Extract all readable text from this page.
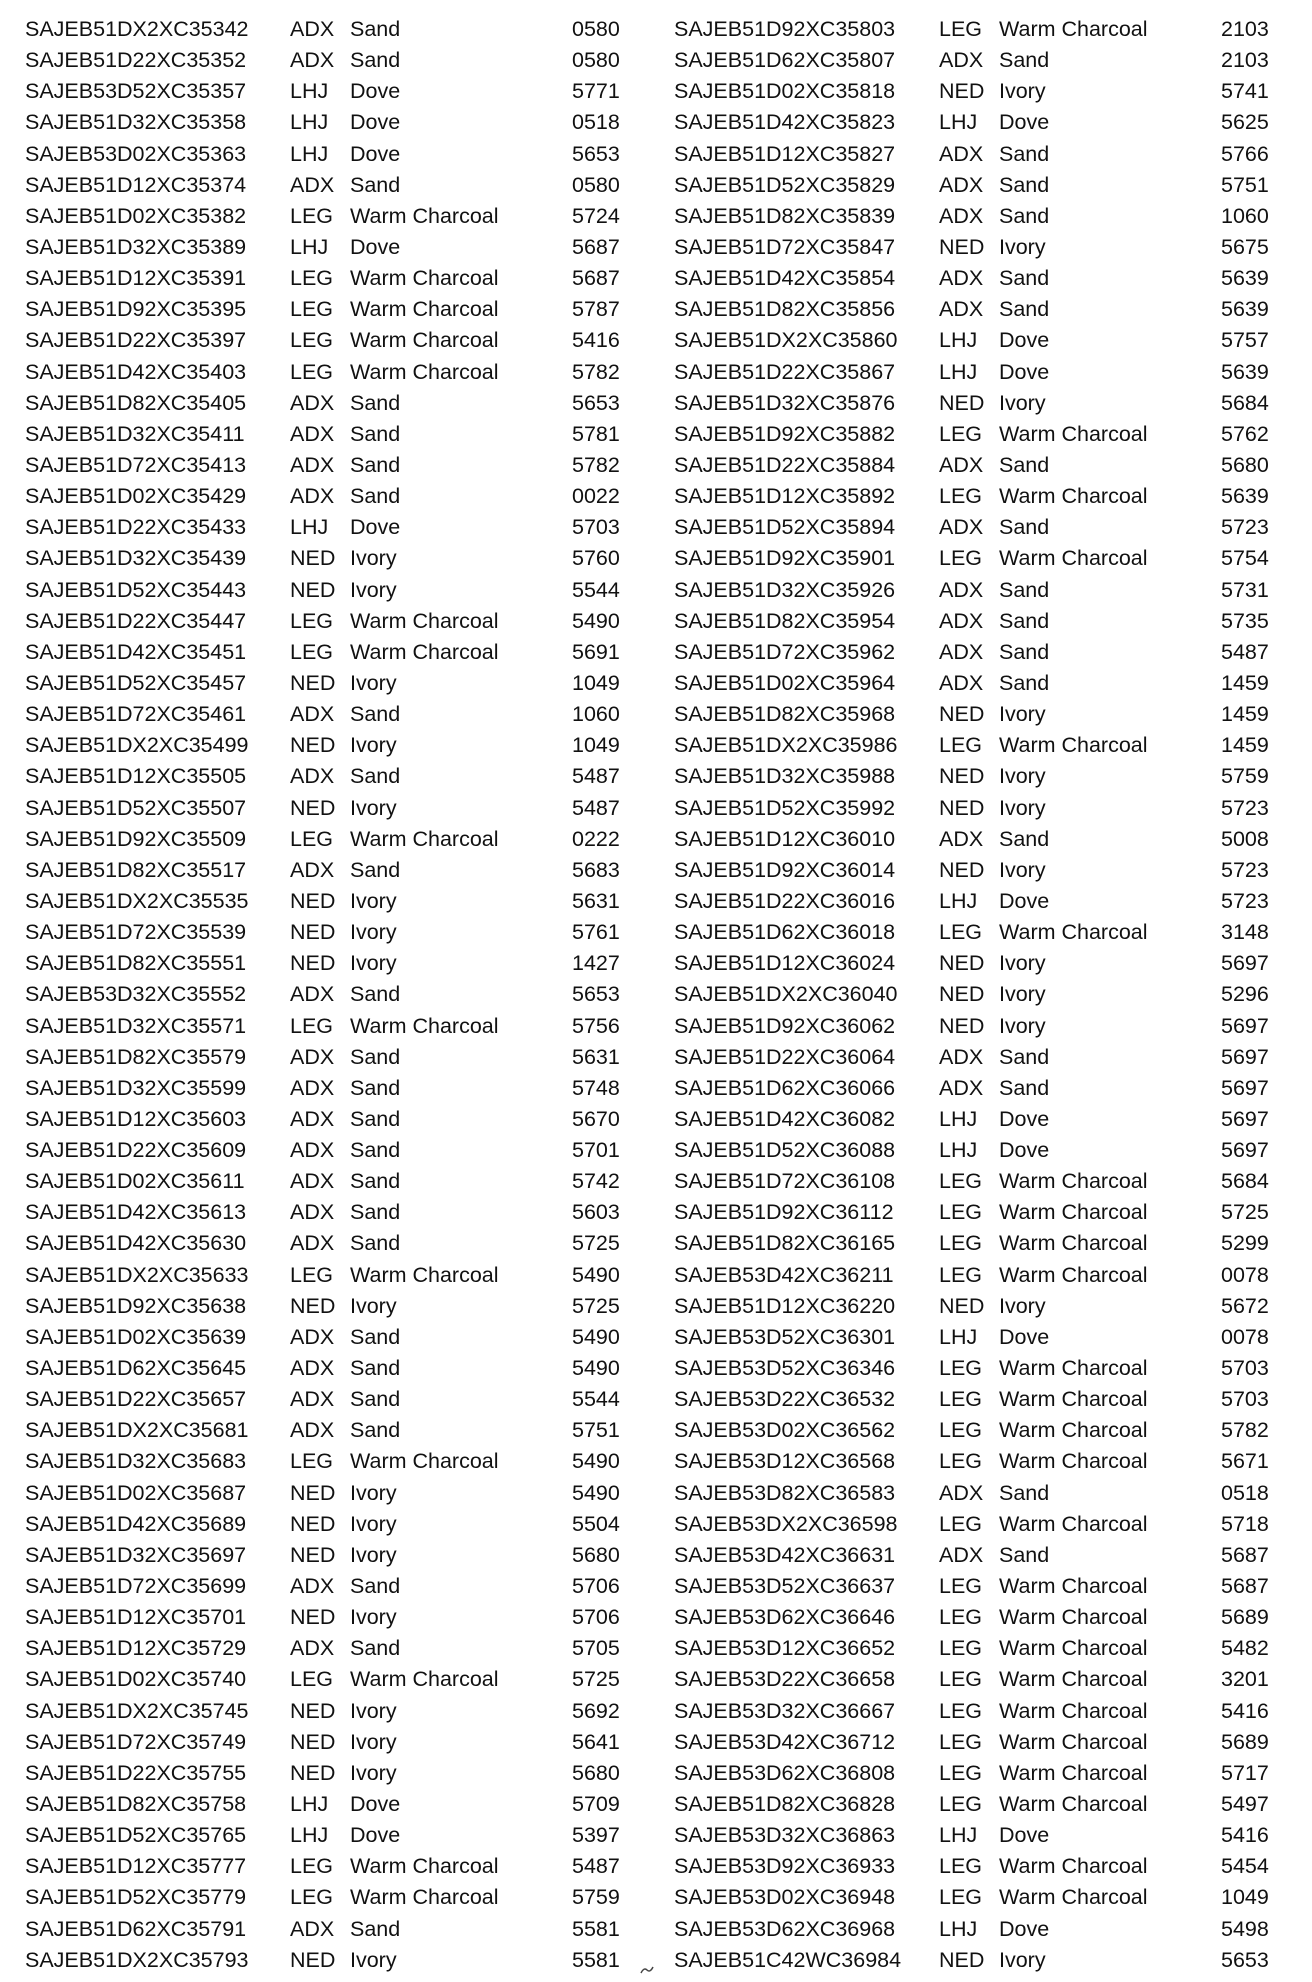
SAJEB51DX2XC35342 ADX Sand	0580
SAJEB51D22XC35352 ADX Sand	0580
SAJEB53D52XC35357 LHJ Dove	5771
SAJEB51D32XC35358 LHJ Dove	0518
SAJEB53D02XC35363 LHJ Dove	5653
SAJEB51D12XC35374 ADX Sand	0580
SAJEB51D02XC35382 LEG Warm Charcoal	5724
SAJEB51D32XC35389 LHJ Dove	5687
SAJEB51D12XC35391 LEG Warm Charcoal	5687
SAJEB51D92XC35395 LEG Warm Charcoal	5787
SAJEB51D22XC35397 LEG Warm Charcoal	5416
SAJEB51D42XC35403 LEG Warm Charcoal	5782
SAJEB51D82XC35405 ADX Sand	5653
SAJEB51D32XC35411 ADX Sand	5781
SAJEB51D72XC35413 ADX Sand	5782
SAJEB51D02XC35429 ADX Sand	0022
SAJEB51D22XC35433 LHJ Dove	5703
SAJEB51D32XC35439 NED Ivory	5760
SAJEB51D52XC35443 NED Ivory	5544
SAJEB51D22XC35447 LEG Warm Charcoal	5490
SAJEB51D42XC35451 LEG Warm Charcoal	5691
SAJEB51D52XC35457 NED Ivory	1049
SAJEB51D72XC35461 ADX Sand	1060
SAJEB51DX2XC35499 NED Ivory	1049
SAJEB51D12XC35505 ADX Sand	5487
SAJEB51D52XC35507 NED Ivory	5487
SAJEB51D92XC35509 LEG Warm Charcoal	0222
SAJEB51D82XC35517 ADX Sand	5683
SAJEB51DX2XC35535 NED Ivory	5631
SAJEB51D72XC35539 NED Ivory	5761
SAJEB51D82XC35551 NED Ivory	1427
SAJEB53D32XC35552 ADX Sand	5653
SAJEB51D32XC35571 LEG Warm Charcoal	5756
SAJEB51D82XC35579 ADX Sand	5631
SAJEB51D32XC35599 ADX Sand	5748
SAJEB51D12XC35603 ADX Sand	5670
SAJEB51D22XC35609 ADX Sand	5701
SAJEB51D02XC35611 ADX Sand	5742
SAJEB51D42XC35613 ADX Sand	5603
SAJEB51D42XC35630 ADX Sand	5725
SAJEB51DX2XC35633 LEG Warm Charcoal	5490
SAJEB51D92XC35638 NED Ivory	5725
SAJEB51D02XC35639 ADX Sand	5490
SAJEB51D62XC35645 ADX Sand	5490
SAJEB51D22XC35657 ADX Sand	5544
SAJEB51DX2XC35681 ADX Sand	5751
SAJEB51D32XC35683 LEG Warm Charcoal	5490
SAJEB51D02XC35687 NED Ivory	5490
SAJEB51D42XC35689 NED Ivory	5504
SAJEB51D32XC35697 NED Ivory	5680
SAJEB51D72XC35699 ADX Sand	5706
SAJEB51D12XC35701 NED Ivory	5706
SAJEB51D12XC35729 ADX Sand	5705
SAJEB51D02XC35740 LEG Warm Charcoal	5725
SAJEB51DX2XC35745 NED Ivory	5692
SAJEB51D72XC35749 NED Ivory	5641
SAJEB51D22XC35755 NED Ivory	5680
SAJEB51D82XC35758 LHJ Dove	5709
SAJEB51D52XC35765 LHJ Dove	5397
SAJEB51D12XC35777 LEG Warm Charcoal	5487
SAJEB51D52XC35779 LEG Warm Charcoal	5759
SAJEB51D62XC35791 ADX Sand	5581
SAJEB51DX2XC35793 NED Ivory	5581
SAJEB51D92XC35803 LEG Warm Charcoal	2103
SAJEB51D62XC35807 ADX Sand	2103
SAJEB51D02XC35818 NED Ivory	5741
SAJEB51D42XC35823 LHJ Dove	5625
SAJEB51D12XC35827 ADX Sand	5766
SAJEB51D52XC35829 ADX Sand	5751
SAJEB51D82XC35839 ADX Sand	1060
SAJEB51D72XC35847 NED Ivory	5675
SAJEB51D42XC35854 ADX Sand	5639
SAJEB51D82XC35856 ADX Sand	5639
SAJEB51DX2XC35860 LHJ Dove	5757
SAJEB51D22XC35867 LHJ Dove	5639
SAJEB51D32XC35876 NED Ivory	5684
SAJEB51D92XC35882 LEG Warm Charcoal	5762
SAJEB51D22XC35884 ADX Sand	5680
SAJEB51D12XC35892 LEG Warm Charcoal	5639
SAJEB51D52XC35894 ADX Sand	5723
SAJEB51D92XC35901 LEG Warm Charcoal	5754
SAJEB51D32XC35926 ADX Sand	5731
SAJEB51D82XC35954 ADX Sand	5735
SAJEB51D72XC35962 ADX Sand	5487
SAJEB51D02XC35964 ADX Sand	1459
SAJEB51D82XC35968 NED Ivory	1459
SAJEB51DX2XC35986 LEG Warm Charcoal	1459
SAJEB51D32XC35988 NED Ivory	5759
SAJEB51D52XC35992 NED Ivory	5723
SAJEB51D12XC36010 ADX Sand	5008
SAJEB51D92XC36014 NED Ivory	5723
SAJEB51D22XC36016 LHJ Dove	5723
SAJEB51D62XC36018 LEG Warm Charcoal	3148
SAJEB51D12XC36024 NED Ivory	5697
SAJEB51DX2XC36040 NED Ivory	5296
SAJEB51D92XC36062 NED Ivory	5697
SAJEB51D22XC36064 ADX Sand	5697
SAJEB51D62XC36066 ADX Sand	5697
SAJEB51D42XC36082 LHJ Dove	5697
SAJEB51D52XC36088 LHJ Dove	5697
SAJEB51D72XC36108 LEG Warm Charcoal	5684
SAJEB51D92XC36112 LEG Warm Charcoal	5725
SAJEB51D82XC36165 LEG Warm Charcoal	5299
SAJEB53D42XC36211 LEG Warm Charcoal	0078
SAJEB51D12XC36220 NED Ivory	5672
SAJEB53D52XC36301 LHJ Dove	0078
SAJEB53D52XC36346 LEG Warm Charcoal	5703
SAJEB53D22XC36532 LEG Warm Charcoal	5703
SAJEB53D02XC36562 LEG Warm Charcoal	5782
SAJEB53D12XC36568 LEG Warm Charcoal	5671
SAJEB53D82XC36583 ADX Sand	0518
SAJEB53DX2XC36598 LEG Warm Charcoal	5718
SAJEB53D42XC36631 ADX Sand	5687
SAJEB53D52XC36637 LEG Warm Charcoal	5687
SAJEB53D62XC36646 LEG Warm Charcoal	5689
SAJEB53D12XC36652 LEG Warm Charcoal	5482
SAJEB53D22XC36658 LEG Warm Charcoal	3201
SAJEB53D32XC36667 LEG Warm Charcoal	5416
SAJEB53D42XC36712 LEG Warm Charcoal	5689
SAJEB53D62XC36808 LEG Warm Charcoal	5717
SAJEB51D82XC36828 LEG Warm Charcoal	5497
SAJEB53D32XC36863 LHJ Dove	5416
SAJEB53D92XC36933 LEG Warm Charcoal	5454
SAJEB53D02XC36948 LEG Warm Charcoal	1049
SAJEB53D62XC36968 LHJ Dove	5498
SAJEB51C42WC36984 NED Ivory	5653
